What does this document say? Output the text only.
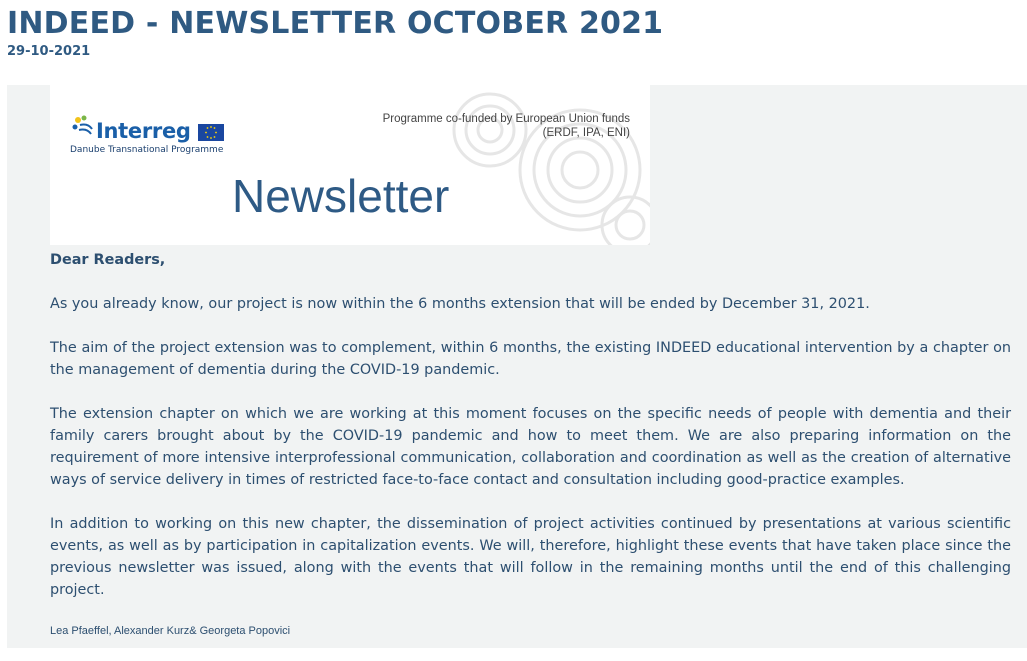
INDEED - NEWSLETTER OCTOBER 2021
29-10-2021
Interreg
Danube Transnational Programme
Programme co-funded by European Union funds
(ERDF, IPA, ENI)
Newsletter

Dear Readers,

As you already know, our project is now within the 6 months extension that will be ended by December 31, 2021.

The aim of the project extension was to complement, within 6 months, the existing INDEED educational intervention by a chapter on the management of dementia during the COVID-19 pandemic.

The extension chapter on which we are working at this moment focuses on the specific needs of people with dementia and their family carers brought about by the COVID-19 pandemic and how to meet them. We are also preparing information on the requirement of more intensive interprofessional communication, collaboration and coordination as well as the creation of alternative ways of service delivery in times of restricted face-to-face contact and consultation including good-practice examples.

In addition to working on this new chapter, the dissemination of project activities continued by presentations at various scientific events, as well as by participation in capitalization events. We will, therefore, highlight these events that have taken place since the previous newsletter was issued, along with the events that will follow in the remaining months until the end of this challenging project.

Lea Pfaeffel, Alexander Kurz& Georgeta Popovici
